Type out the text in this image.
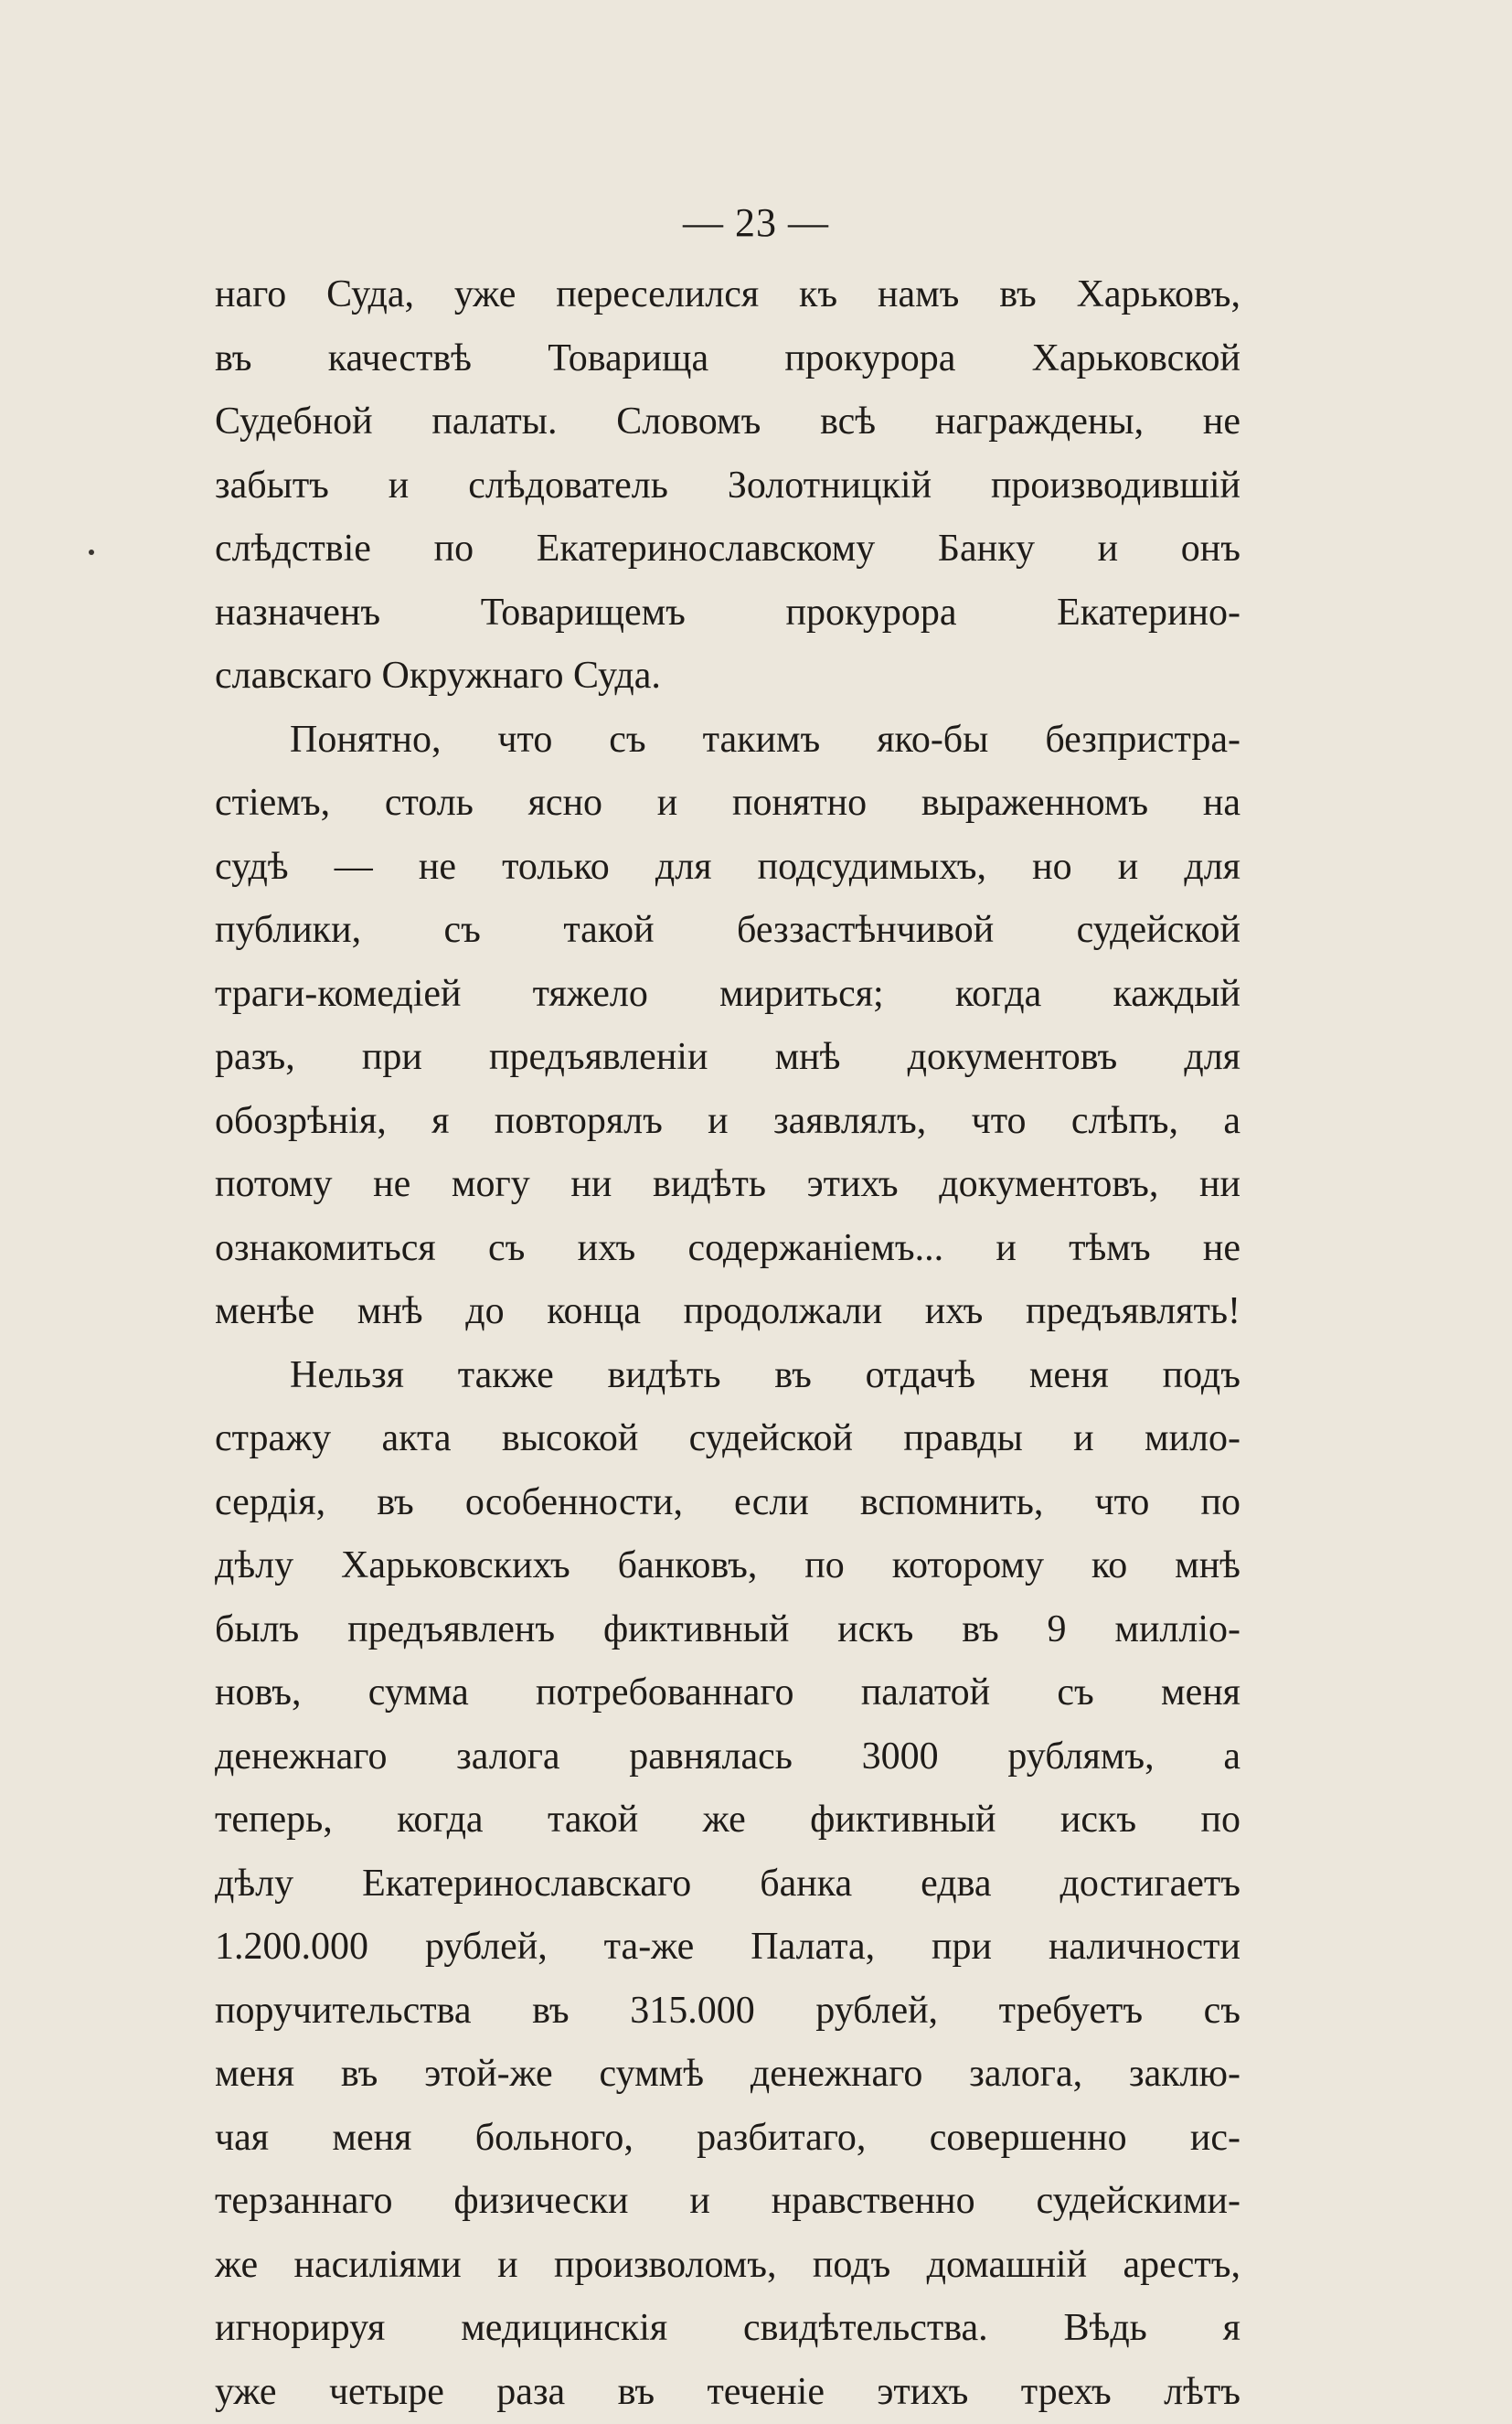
— 23 —
наго Суда, уже переселился къ намъ въ Харьковъ,
въ качествѣ Товарища прокурора Харьковской
Судебной палаты. Словомъ всѣ награждены, не
забытъ и слѣдователь Золотницкій производившій
слѣдствіе по Екатеринославскому Банку и онъ
назначенъ Товарищемъ прокурора Екатерино-
славскаго Окружнаго Суда.
Понятно, что съ такимъ яко-бы безпристра-
стіемъ, столь ясно и понятно выраженномъ на
судѣ — не только для подсудимыхъ, но и для
публики, съ такой беззастѣнчивой судейской
траги-комедіей тяжело мириться; когда каждый
разъ, при предъявленіи мнѣ документовъ для
обозрѣнія, я повторялъ и заявлялъ, что слѣпъ, а
потому не могу ни видѣть этихъ документовъ, ни
ознакомиться съ ихъ содержаніемъ... и тѣмъ не
менѣе мнѣ до конца продолжали ихъ предъявлять!
Нельзя также видѣть въ отдачѣ меня подъ
стражу акта высокой судейской правды и мило-
сердія, въ особенности, если вспомнить, что по
дѣлу Харьковскихъ банковъ, по которому ко мнѣ
былъ предъявленъ фиктивный искъ въ 9 милліо-
новъ, сумма потребованнаго палатой съ меня
денежнаго залога равнялась 3000 рублямъ, а
теперь, когда такой же фиктивный искъ по
дѣлу Екатеринославскаго банка едва достигаетъ
1.200.000 рублей, та-же Палата, при наличности
поручительства въ 315.000 рублей, требуетъ съ
меня въ этой-же суммѣ денежнаго залога, заклю-
чая меня больного, разбитаго, совершенно ис-
терзаннаго физически и нравственно судейскими-
же насиліями и произволомъ, подъ домашній арестъ,
игнорируя медицинскія свидѣтельства. Вѣдь я
уже четыре раза въ теченіе этихъ трехъ лѣтъ
